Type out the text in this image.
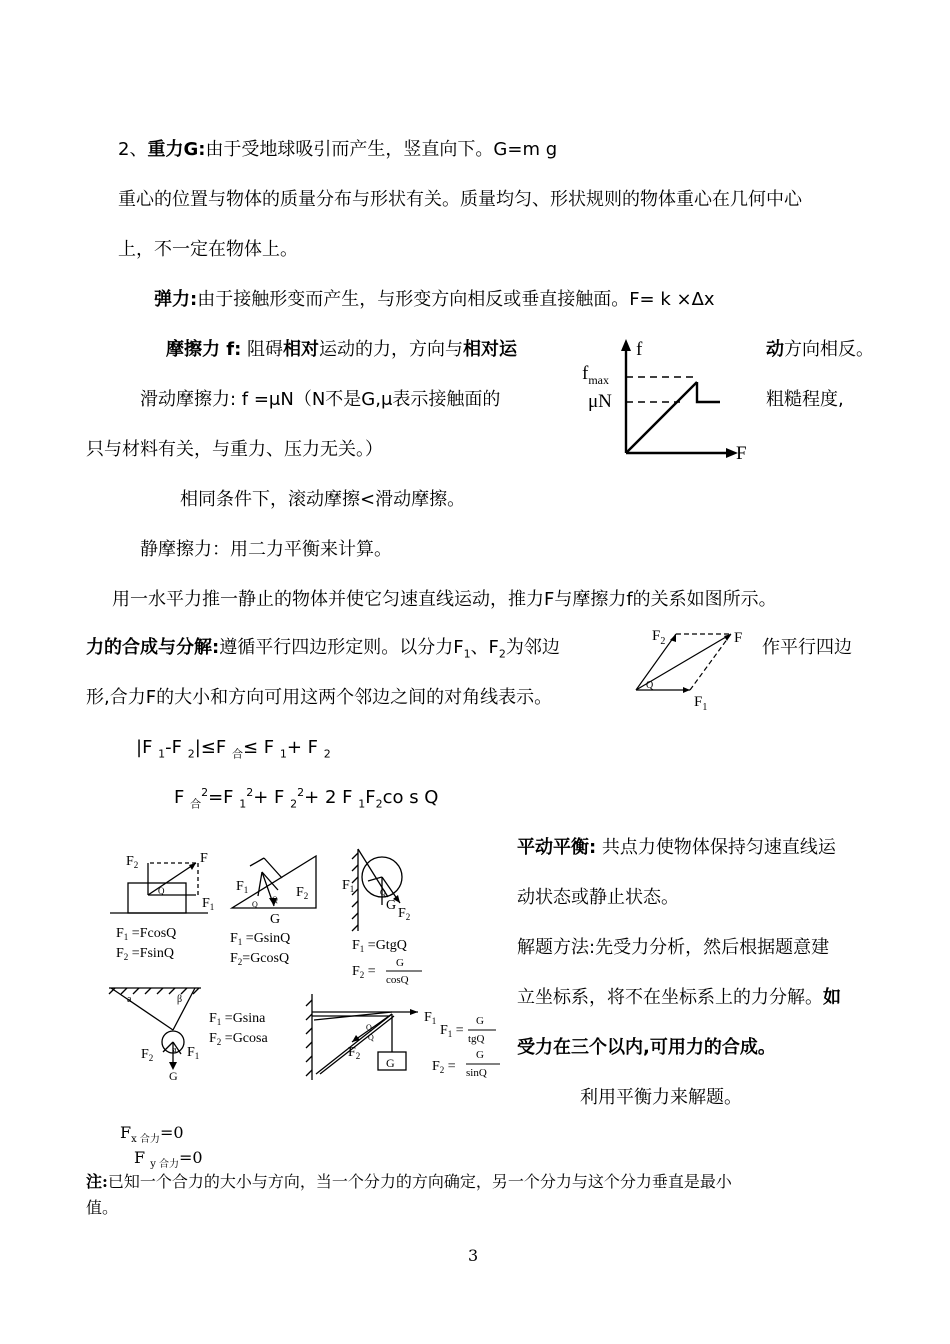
2、重力G:由于受地球吸引而产生，竖直向下。G=m g
重心的位置与物体的质量分布与形状有关。质量均匀、形状规则的物体重心在几何中心
上，不一定在物体上。
弹力:由于接触形变而产生，与形变方向相反或垂直接触面。F= k ×Δx
摩擦力 f: 阻碍相对运动的力，方向与相对运	动方向相反。
滑动摩擦力: f =μN（N不是G,μ表示接触面的	粗糙程度,
只与材料有关，与重力、压力无关。）
相同条件下，滚动摩擦<滑动摩擦。
静摩擦力：用二力平衡来计算。
用一水平力推一静止的物体并使它匀速直线运动，推力F与摩擦力f的关系如图所示。
f
$f_{max}$
μN
F
力的合成与分解:遵循平行四边形定则。以分力$F_1$、$F_2$为邻边	作平行四边
形,合力F的大小和方向可用这两个邻边之间的对角线表示。
$F_2$	F
$F_1$
Q
|F $_1$-F $_2$|≤F $_合$≤ F $_1$+ F $_2$
F $_合^2$=F $_1^2$+ F $_2^2$+ 2 F $_1F_2co$ s Q
平动平衡: 共点力使物体保持匀速直线运
动状态或静止状态。
解题方法:先受力分析，然后根据题意建
立坐标系，将不在坐标系上的力分解。如
受力在三个以内,可用力的合成。
利用平衡力来解题。
$F_2$	F
$F_1$
Q
$F_1 =FcosQ$
$F_2 =FsinQ$
$F_1$	$F_2$
G
Q
Q
$F_1 =GsinQ$
$F_2=GcosQ$
$F_1$
$F_2$
G
Q
$F_1$ =GtgQ
$F_2$ =
G
cosQ
a	β
$F_1$
$F_2$
G
a
$F_1 =Gsina$
$F_2 =Gcosa$
$F_1$
$F_2$ G
Q
Q	$F_1$ =
G
tgQ
$F_2$ =
G
sinQ
$F_{x 合力}=0$
F $_{y 合力}$=0
注:已知一个合力的大小与方向，当一个分力的方向确定，另一个分力与这个分力垂直是最小
值。
3
